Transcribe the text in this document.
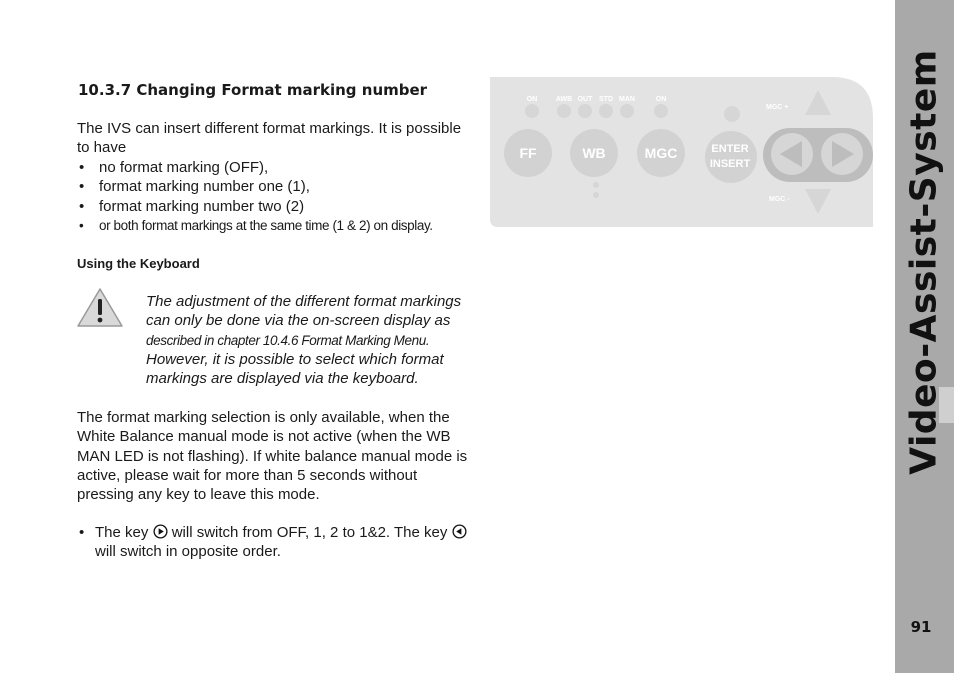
Video-Assist-System
91
10.3.7 Changing Format marking number
The IVS can insert different format markings. It is possible to have
• no format marking (OFF),
• format marking number one (1),
• format marking number two (2)
• or both format markings at the same time (1 & 2) on display.
Using the Keyboard
The adjustment of the different format markings can only be done via the on-screen display as described in chapter 10.4.6 Format Marking Menu. However, it is possible to select which format markings are displayed via the keyboard.
The format marking selection is only available, when the White Balance manual mode is not active (when the WB MAN LED is not flashing). If white balance manual mode is active, please wait for more than 5 seconds without pressing any key to leave this mode.
• The key will switch from OFF, 1, 2 to 1&2. The key  will switch in opposite order.
ON	AWB OUT STD MAN	ON
FF	WB	MGC	ENTER
INSERT
MGC +
MGC -
